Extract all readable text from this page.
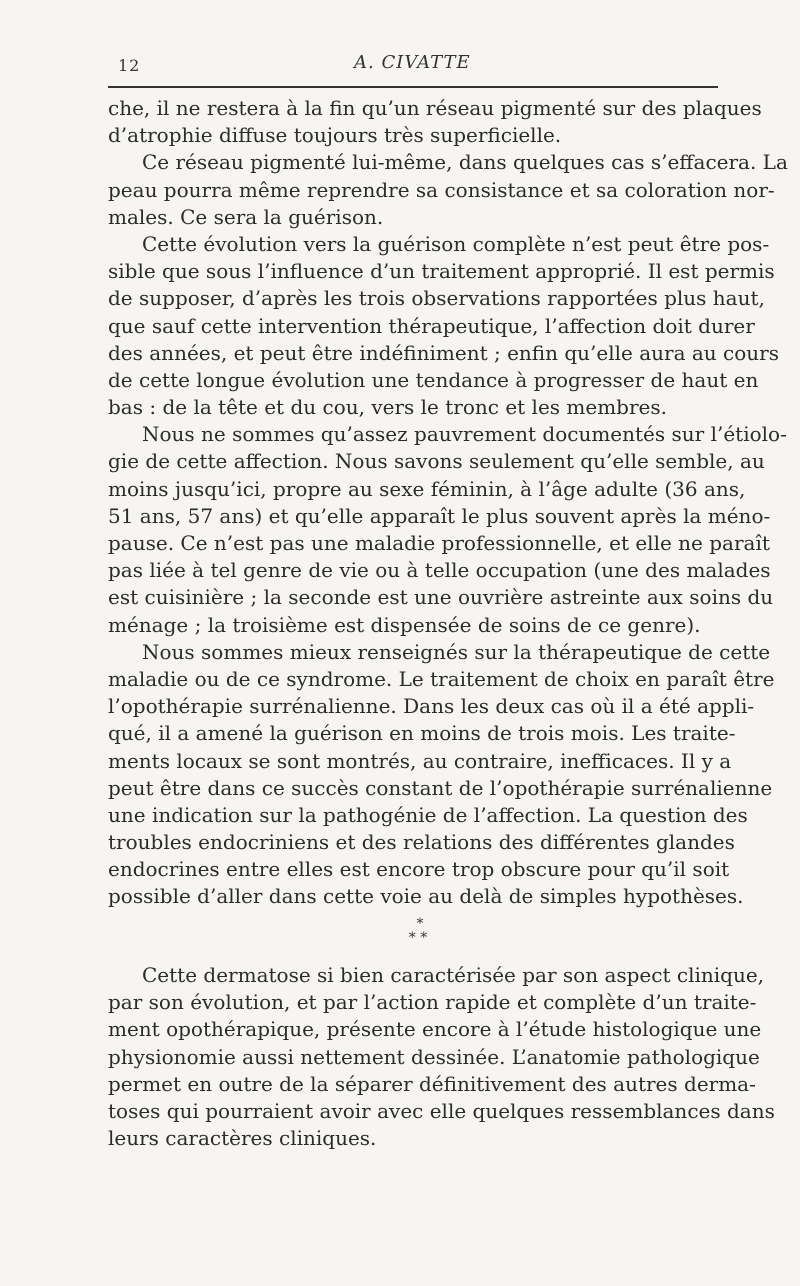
12	A. CIVATTE
che, il ne restera à la fin qu’un réseau pigmenté sur des plaques
d’atrophie diffuse toujours très superficielle.
Ce réseau pigmenté lui-même, dans quelques cas s’effacera. La
peau pourra même reprendre sa consistance et sa coloration nor-
males. Ce sera la guérison.
Cette évolution vers la guérison complète n’est peut être pos-
sible que sous l’influence d’un traitement approprié. Il est permis
de supposer, d’après les trois observations rapportées plus haut,
que sauf cette intervention thérapeutique, l’affection doit durer
des années, et peut être indéfiniment ; enfin qu’elle aura au cours
de cette longue évolution une tendance à progresser de haut en
bas : de la tête et du cou, vers le tronc et les membres.
Nous ne sommes qu’assez pauvrement documentés sur l’étiolo-
gie de cette affection. Nous savons seulement qu’elle semble, au
moins jusqu’ici, propre au sexe féminin, à l’âge adulte (36 ans,
51 ans, 57 ans) et qu’elle apparaît le plus souvent après la méno-
pause. Ce n’est pas une maladie professionnelle, et elle ne paraît
pas liée à tel genre de vie ou à telle occupation (une des malades
est cuisinière ; la seconde est une ouvrière astreinte aux soins du
ménage ; la troisième est dispensée de soins de ce genre).
Nous sommes mieux renseignés sur la thérapeutique de cette
maladie ou de ce syndrome. Le traitement de choix en paraît être
l’opothérapie surrénalienne. Dans les deux cas où il a été appli-
qué, il a amené la guérison en moins de trois mois. Les traite-
ments locaux se sont montrés, au contraire, inefficaces. Il y a
peut être dans ce succès constant de l’opothérapie surrénalienne
une indication sur la pathogénie de l’affection. La question des
troubles endocriniens et des relations des différentes glandes
endocrines entre elles est encore trop obscure pour qu’il soit
possible d’aller dans cette voie au delà de simples hypothèses.
*
* *
Cette dermatose si bien caractérisée par son aspect clinique,
par son évolution, et par l’action rapide et complète d’un traite-
ment opothérapique, présente encore à l’étude histologique une
physionomie aussi nettement dessinée. L’anatomie pathologique
permet en outre de la séparer définitivement des autres derma-
toses qui pourraient avoir avec elle quelques ressemblances dans
leurs caractères cliniques.
